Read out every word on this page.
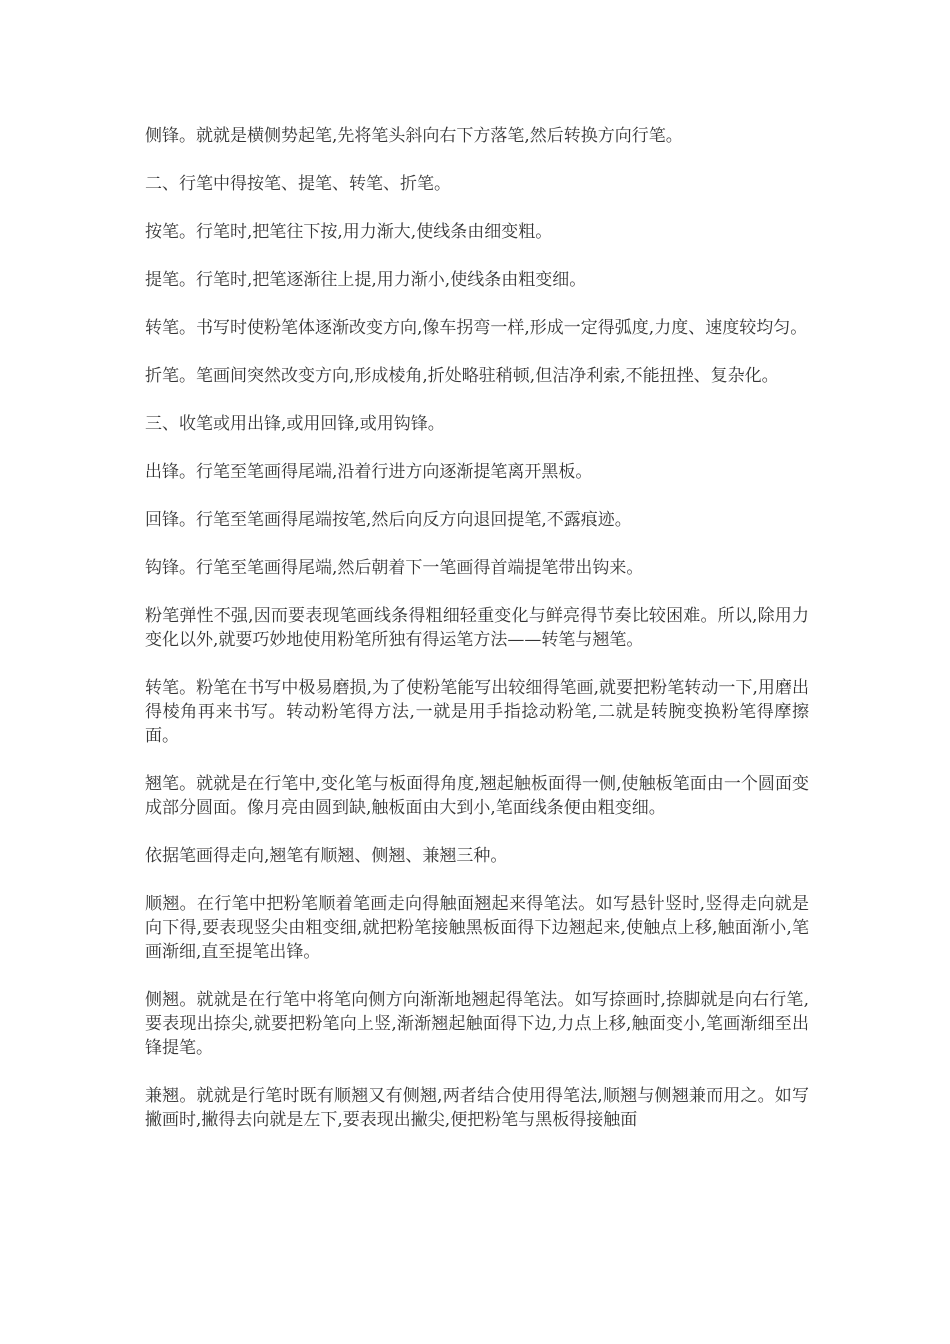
侧锋。就就是横侧势起笔,先将笔头斜向右下方落笔,然后转换方向行笔。

二、行笔中得按笔、提笔、转笔、折笔。

按笔。行笔时,把笔往下按,用力渐大,使线条由细变粗。

提笔。行笔时,把笔逐渐往上提,用力渐小,使线条由粗变细。

转笔。书写时使粉笔体逐渐改变方向,像车拐弯一样,形成一定得弧度,力度、速度较均匀。

折笔。笔画间突然改变方向,形成棱角,折处略驻稍顿,但洁净利索,不能扭挫、复杂化。

三、收笔或用出锋,或用回锋,或用钩锋。

出锋。行笔至笔画得尾端,沿着行进方向逐渐提笔离开黑板。

回锋。行笔至笔画得尾端按笔,然后向反方向退回提笔,不露痕迹。

钩锋。行笔至笔画得尾端,然后朝着下一笔画得首端提笔带出钩来。

粉笔弹性不强,因而要表现笔画线条得粗细轻重变化与鲜亮得节奏比较困难。所以,除用力变化以外,就要巧妙地使用粉笔所独有得运笔方法——转笔与翘笔。

转笔。粉笔在书写中极易磨损,为了使粉笔能写出较细得笔画,就要把粉笔转动一下,用磨出得棱角再来书写。转动粉笔得方法,一就是用手指捻动粉笔,二就是转腕变换粉笔得摩擦面。

翘笔。就就是在行笔中,变化笔与板面得角度,翘起触板面得一侧,使触板笔面由一个圆面变成部分圆面。像月亮由圆到缺,触板面由大到小,笔面线条便由粗变细。

依据笔画得走向,翘笔有顺翘、侧翘、兼翘三种。

顺翘。在行笔中把粉笔顺着笔画走向得触面翘起来得笔法。如写悬针竖时,竖得走向就是向下得,要表现竖尖由粗变细,就把粉笔接触黑板面得下边翘起来,使触点上移,触面渐小,笔画渐细,直至提笔出锋。

侧翘。就就是在行笔中将笔向侧方向渐渐地翘起得笔法。如写捺画时,捺脚就是向右行笔,要表现出捺尖,就要把粉笔向上竖,渐渐翘起触面得下边,力点上移,触面变小,笔画渐细至出锋提笔。

兼翘。就就是行笔时既有顺翘又有侧翘,两者结合使用得笔法,顺翘与侧翘兼而用之。如写撇画时,撇得去向就是左下,要表现出撇尖,便把粉笔与黑板得接触面
